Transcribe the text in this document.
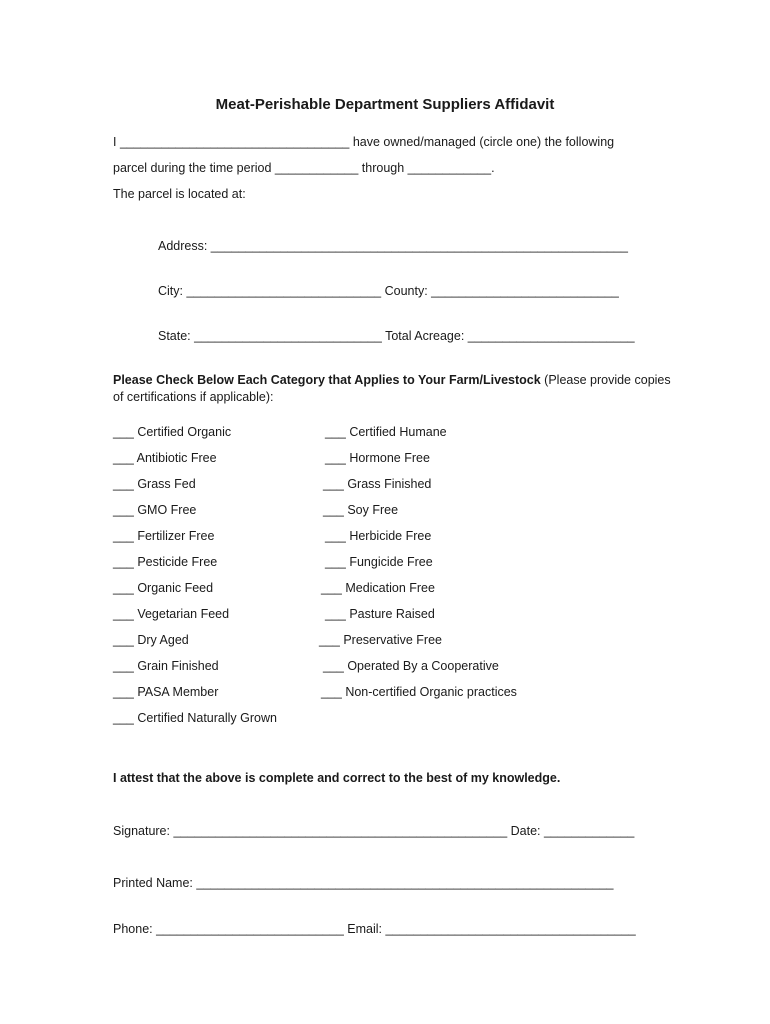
Meat-Perishable Department Suppliers Affidavit
I _________________________________ have owned/managed (circle one) the following
parcel during the time period ____________ through ____________.
The parcel is located at:
Address: ____________________________________________________________
City: ____________________________ County: ___________________________
State: ___________________________ Total Acreage: ________________________
Please Check Below Each Category that Applies to Your Farm/Livestock (Please provide copies
of certifications if applicable):
___ Certified Organic
___ Antibiotic Free
___ Grass Fed
___ GMO Free
___ Fertilizer Free
___ Pesticide Free
___ Organic Feed
___ Vegetarian Feed
___ Dry Aged
___ Grain Finished
___ PASA Member
___ Certified Naturally Grown
___ Certified Humane
___ Hormone Free
___ Grass Finished
___ Soy Free
___ Herbicide Free
___ Fungicide Free
___ Medication Free
___ Pasture Raised
___ Preservative Free
___ Operated By a Cooperative
___ Non-certified Organic practices
I attest that the above is complete and correct to the best of my knowledge.
Signature: ________________________________________________ Date: _____________
Printed Name: ____________________________________________________________
Phone: ___________________________ Email: ____________________________________
